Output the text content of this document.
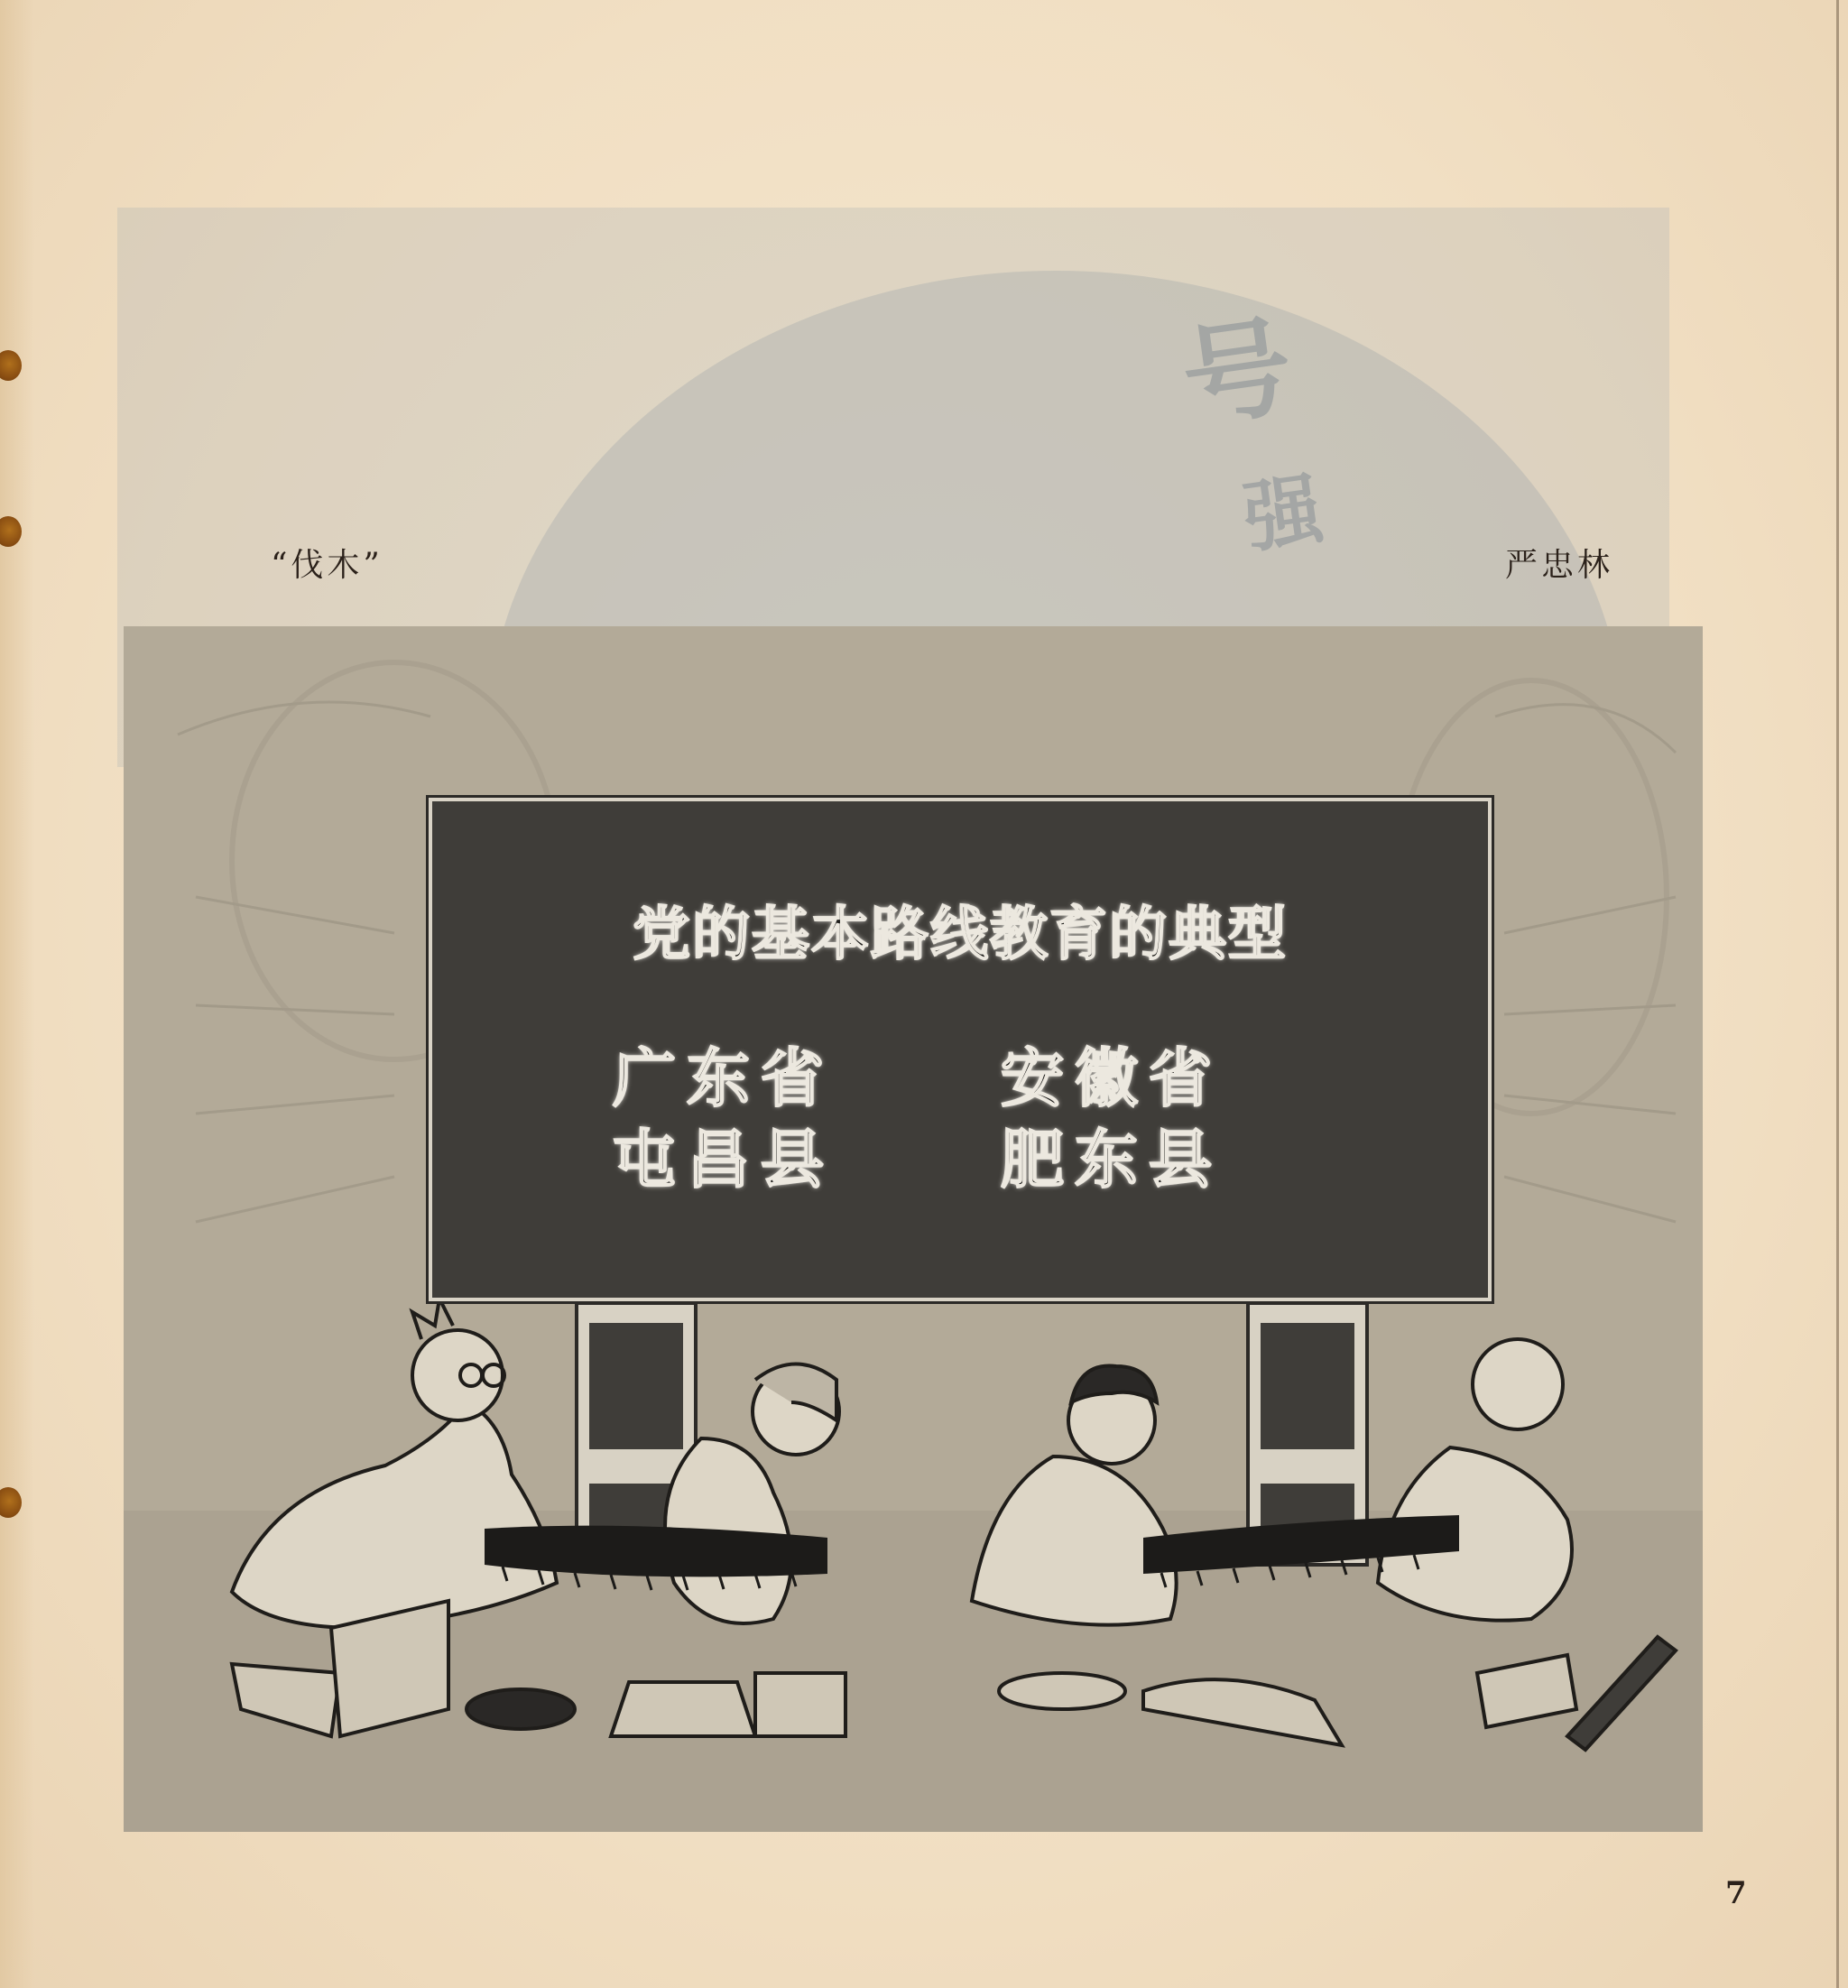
号
强
“伐木”	严忠林
党的基本路线教育的典型
广东省
屯昌县
安徽省
肥东县
7
